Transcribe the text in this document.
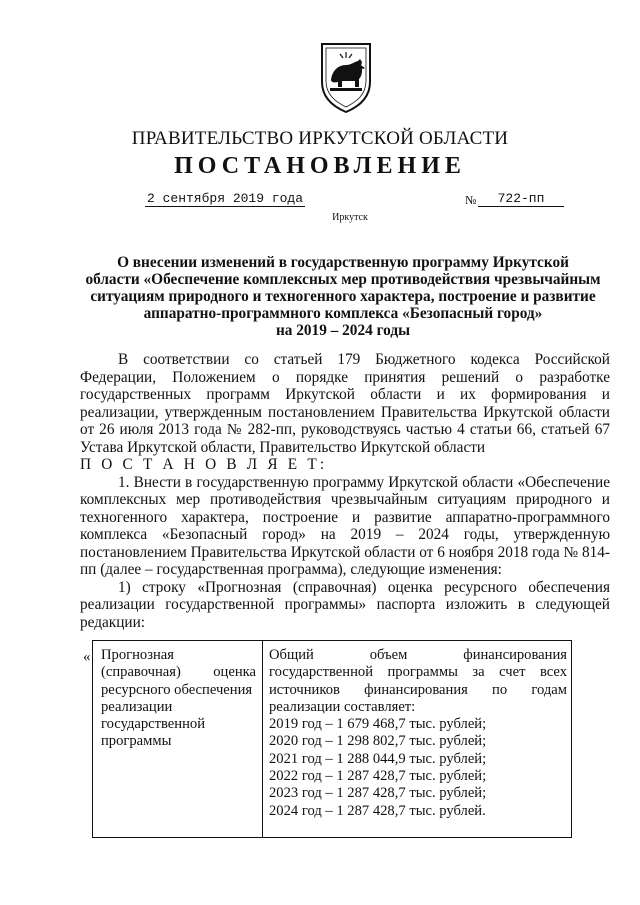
ПРАВИТЕЛЬСТВО ИРКУТСКОЙ ОБЛАСТИ
ПОСТАНОВЛЕНИЕ
2 сентября 2019 года	№	722-пп
Иркутск
О внесении изменений в государственную программу Иркутской
области «Обеспечение комплексных мер противодействия чрезвычайным
ситуациям природного и техногенного характера, построение и развитие
аппаратно-программного комплекса «Безопасный город»
на 2019 – 2024 годы

В соответствии со статьей 179 Бюджетного кодекса Российской Федерации, Положением о порядке принятия решений о разработке государственных программ Иркутской области и их формирования и реализации, утвержденным постановлением Правительства Иркутской области от 26 июля 2013 года № 282-пп, руководствуясь частью 4 статьи 66, статьей 67 Устава Иркутской области, Правительство Иркутской области

П О С Т А Н О В Л Я Е Т:

1. Внести в государственную программу Иркутской области «Обеспечение комплексных мер противодействия чрезвычайным ситуациям природного и техногенного характера, построение и развитие аппаратно-программного комплекса «Безопасный город» на 2019 – 2024 годы, утвержденную постановлением Правительства Иркутской области от 6 ноября 2018 года № 814-пп (далее – государственная программа), следующие изменения:

1) строку «Прогнозная (справочная) оценка ресурсного обеспечения реализации государственной программы» паспорта изложить в следующей редакции:

« Прогнозная
(справочная) оценка
ресурсного обеспечения
реализации
государственной
программы
Общий объем финансирования государственной программы за счет всех источников финансирования по годам реализации составляет:
2019 год – 1 679 468,7 тыс. рублей;
2020 год – 1 298 802,7 тыс. рублей;
2021 год – 1 288 044,9 тыс. рублей;
2022 год – 1 287 428,7 тыс. рублей;
2023 год – 1 287 428,7 тыс. рублей;
2024 год – 1 287 428,7 тыс. рублей.
